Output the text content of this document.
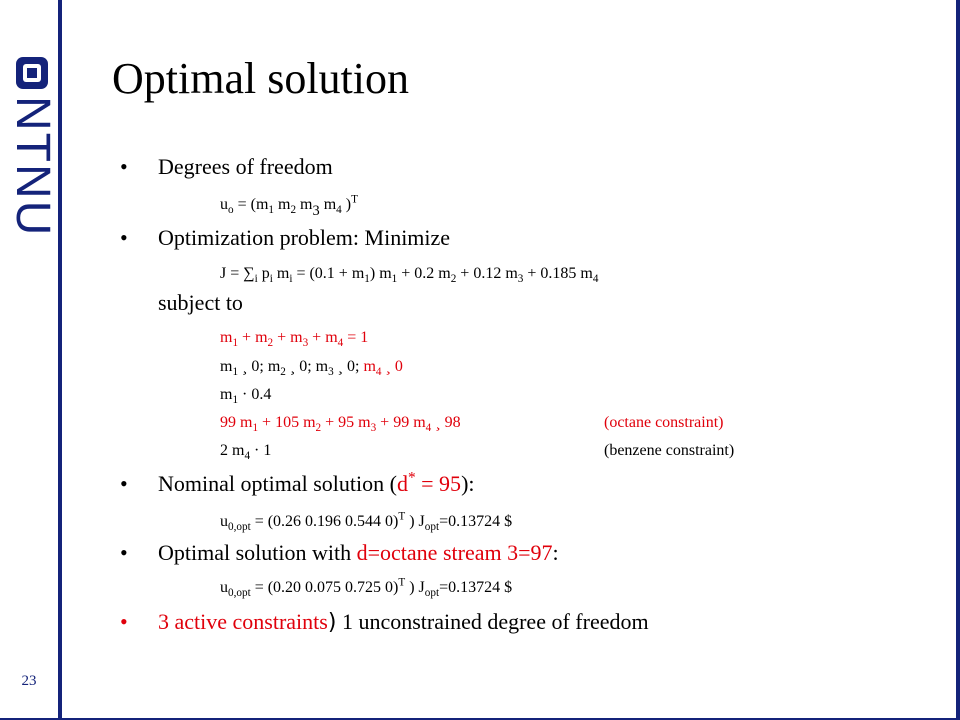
NTNU
23
Optimal solution
• Degrees of freedom
$u_o = (m_1$ $m_2$ $m_3$ $m_4$ )$^T$
• Optimization problem: Minimize
$J = \sum_i$ $p_i$ $m_i = (0.1 + m_1) m_1 + 0.2$ $m_2 + 0.12$ $m_3 + 0.185$ $m_4$
subject to
$m_1 + m_2 + m_3 + m_4 = 1$
$m_1$ ¸ 0; $m_2$ ¸ 0; $m_3$ ¸ 0; $m_4$ ¸ 0
$m_1 \cdot 0.4$
99 $m_1 + 105$ $m_2 + 95$ $m_3 + 99$ $m_4$ ¸ 98	(octane constraint)
2 $m_4 \cdot 1$	(benzene constraint)
• Nominal optimal solution (d* = 95):
$u_{0,opt} = (0.26$ 0.196 0.544 0)$^T$ ) $J_{opt}=0.13724$ $
• Optimal solution with d=octane stream 3=97:
$u_{0,opt} = (0.20$ 0.075 0.725 0)$^T$ ) $J_{opt}=0.13724$ $
• 3 active constraints) 1 unconstrained degree of freedom
